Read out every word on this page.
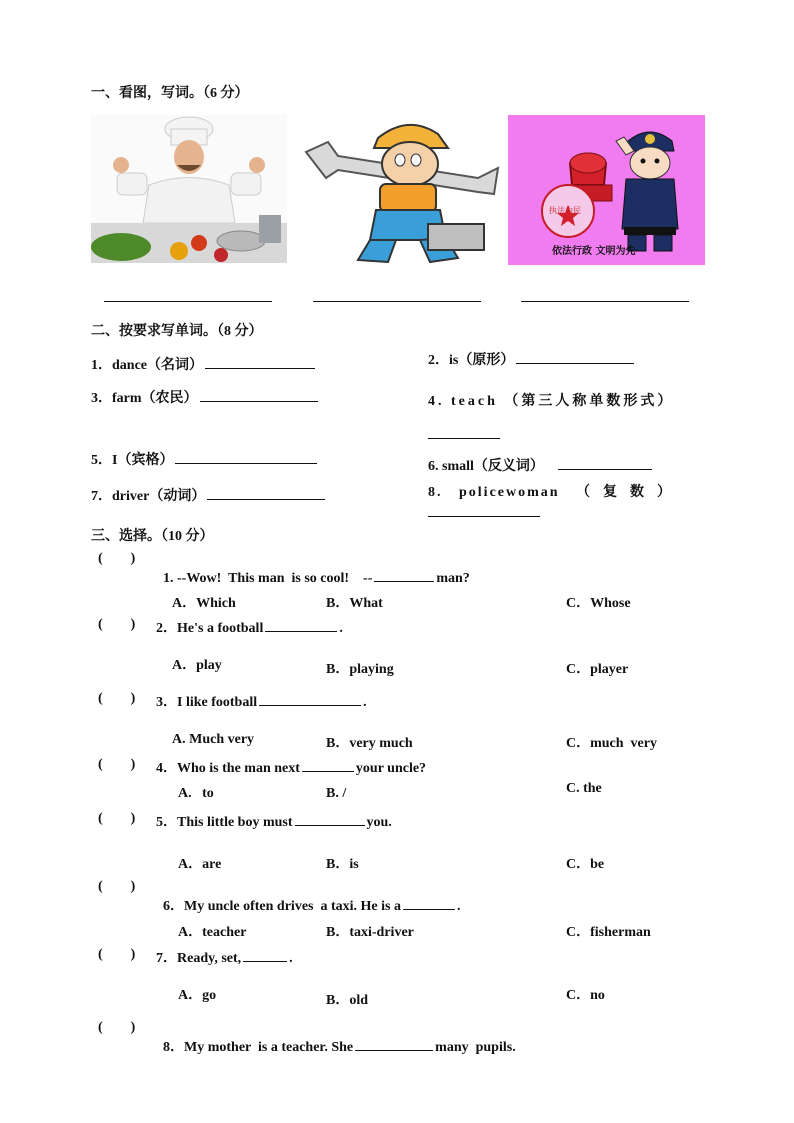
一、看图，写词。（6 分）
执法为民
依法行政 文明为先
二、按要求写单词。（8 分）
1．dance（名词）	2．is（原形）
3．farm（农民）	4. teach （第三人称单数形式）
5．I（宾格）	6. small（反义词）
7．driver（动词）	8.   policewoman   （  复  数  ）
三、选择。（10 分）
(        )

1. --Wow!  This man  is so cool!    --	man?

A．Which	B．What	C．Whose
(        ) 2．He's a football	.
A．play	B．playing	C．player
(        ) 3．I like football	.
A. Much very	B．very much	C．much  very
(        ) 4．Who is the man next	your uncle?
A.   to	B. /	C. the
(        ) 5．This little boy must	you.
A．are	B．is	C．be
(        )

6．My uncle often drives  a taxi. He is a	.

A．teacher	B．taxi-driver	C．fisherman
(        ) 7．Ready, set,	.
A．go	B．old	C．no
(        )

8．My mother  is a teacher. She	many  pupils.
